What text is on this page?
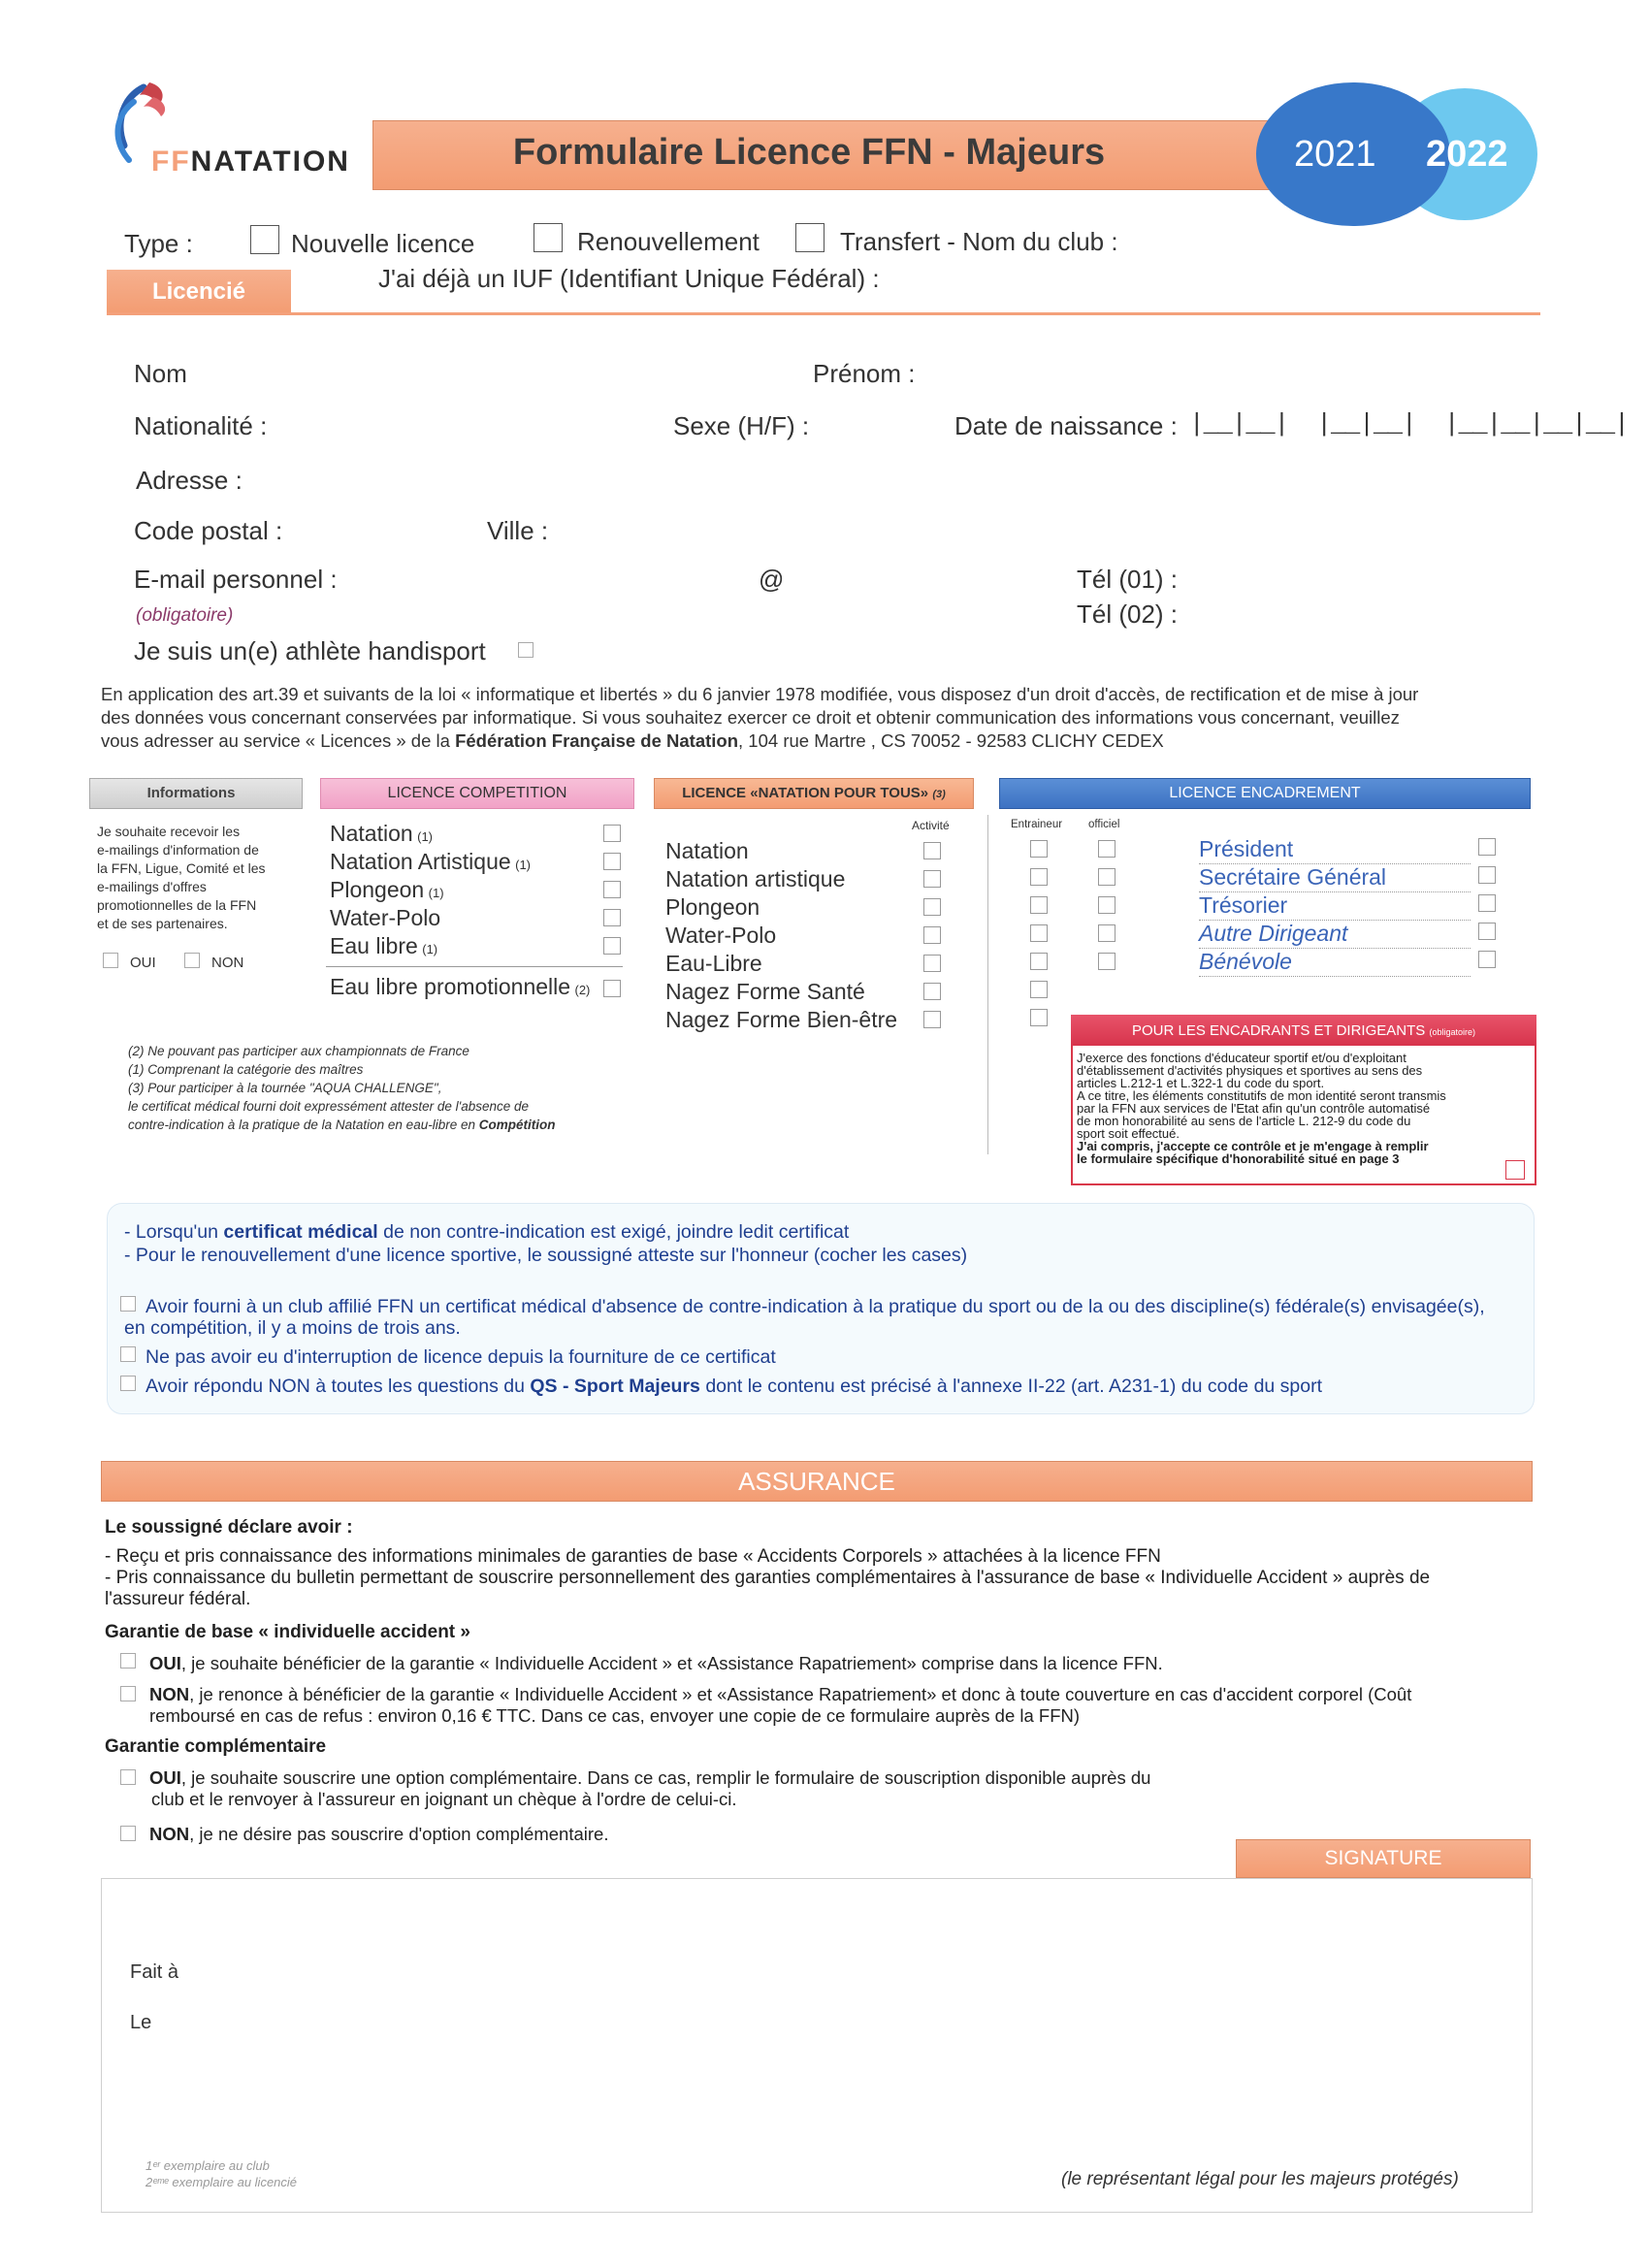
FFNATATION	Formulaire Licence FFN - Majeurs	2021 2022
Type :	Nouvelle licence	Renouvellement	Transfert - Nom du club :
Licencié	J'ai déjà un IUF (Identifiant Unique Fédéral) :
Nom	Prénom :
Nationalité :	Sexe (H/F) :	Date de naissance : |__|__|  |__|__|  |__|__|__|__|
Adresse :
Code postal :	Ville :
E-mail personnel :	@
(obligatoire)
Tél (01) :
Tél (02) :
Je suis un(e) athlète handisport
En application des art.39 et suivants de la loi « informatique et libertés » du 6 janvier 1978 modifiée, vous disposez d'un droit d'accès, de rectification et de mise à jour
des données vous concernant conservées par informatique. Si vous souhaitez exercer ce droit et obtenir communication des informations vous concernant, veuillez
vous adresser au service « Licences » de la Fédération Française de Natation, 104 rue Martre , CS 70052 - 92583 CLICHY CEDEX
Informations
Je souhaite recevoir les
e-mailings d'information de
la FFN, Ligue, Comité et les
e-mailings d'offres
promotionnelles de la FFN
et de ses partenaires.
OUI	NON
LICENCE COMPETITION
Natation (1)
Natation Artistique (1)
Plongeon (1)
Water-Polo
Eau libre (1)
Eau libre promotionnelle (2)
(2) Ne pouvant pas participer aux championnats de France
(1) Comprenant la catégorie des maîtres
(3) Pour participer à la tournée "AQUA CHALLENGE",
le certificat médical fourni doit expressément attester de l'absence de
contre-indication à la pratique de la Natation en eau-libre en Compétition
LICENCE «NATATION POUR TOUS» (3)
Activité
Natation
Natation artistique
Plongeon
Water-Polo
Eau-Libre
Nagez Forme Santé
Nagez Forme Bien-être
LICENCE ENCADREMENT
Entraineur officiel
Président
Secrétaire Général
Trésorier
Autre Dirigeant
Bénévole
POUR LES ENCADRANTS ET DIRIGEANTS (obligatoire)
J'exerce des fonctions d'éducateur sportif et/ou d'exploitant
d'établissement d'activités physiques et sportives au sens des
articles L.212-1 et L.322-1 du code du sport.
A ce titre, les éléments constitutifs de mon identité seront transmis
par la FFN aux services de l'Etat afin qu'un contrôle automatisé
de mon honorabilité au sens de l'article L. 212-9 du code du
sport soit effectué.
J'ai compris, j'accepte ce contrôle et je m'engage à remplir
le formulaire spécifique d'honorabilité situé en page 3
- Lorsqu'un certificat médical de non contre-indication est exigé, joindre ledit certificat
- Pour le renouvellement d'une licence sportive, le soussigné atteste sur l'honneur (cocher les cases)
Avoir fourni à un club affilié FFN un certificat médical d'absence de contre-indication à la pratique du sport ou de la ou des discipline(s) fédérale(s) envisagée(s),
en compétition, il y a moins de trois ans.
Ne pas avoir eu d'interruption de licence depuis la fourniture de ce certificat
Avoir répondu NON à toutes les questions du QS - Sport Majeurs dont le contenu est précisé à l'annexe II-22 (art. A231-1) du code du sport
ASSURANCE
Le soussigné déclare avoir :
- Reçu et pris connaissance des informations minimales de garanties de base « Accidents Corporels » attachées à la licence FFN
- Pris connaissance du bulletin permettant de souscrire personnellement des garanties complémentaires à l'assurance de base « Individuelle Accident » auprès de
l'assureur fédéral.
Garantie de base « individuelle accident »
OUI, je souhaite bénéficier de la garantie « Individuelle Accident » et «Assistance Rapatriement» comprise dans la licence FFN.
NON, je renonce à bénéficier de la garantie « Individuelle Accident » et «Assistance Rapatriement» et donc à toute couverture en cas d'accident corporel (Coût
remboursé en cas de refus : environ 0,16 € TTC. Dans ce cas, envoyer une copie de ce formulaire auprès de la FFN)
Garantie complémentaire
OUI, je souhaite souscrire une option complémentaire. Dans ce cas, remplir le formulaire de souscription disponible auprès du
club et le renvoyer à l'assureur en joignant un chèque à l'ordre de celui-ci.
NON, je ne désire pas souscrire d'option complémentaire.
SIGNATURE
Fait à
Le
1ᵉʳ exemplaire au club
2ᵉᵐᵉ exemplaire au licencié	(le représentant légal pour les majeurs protégés)
